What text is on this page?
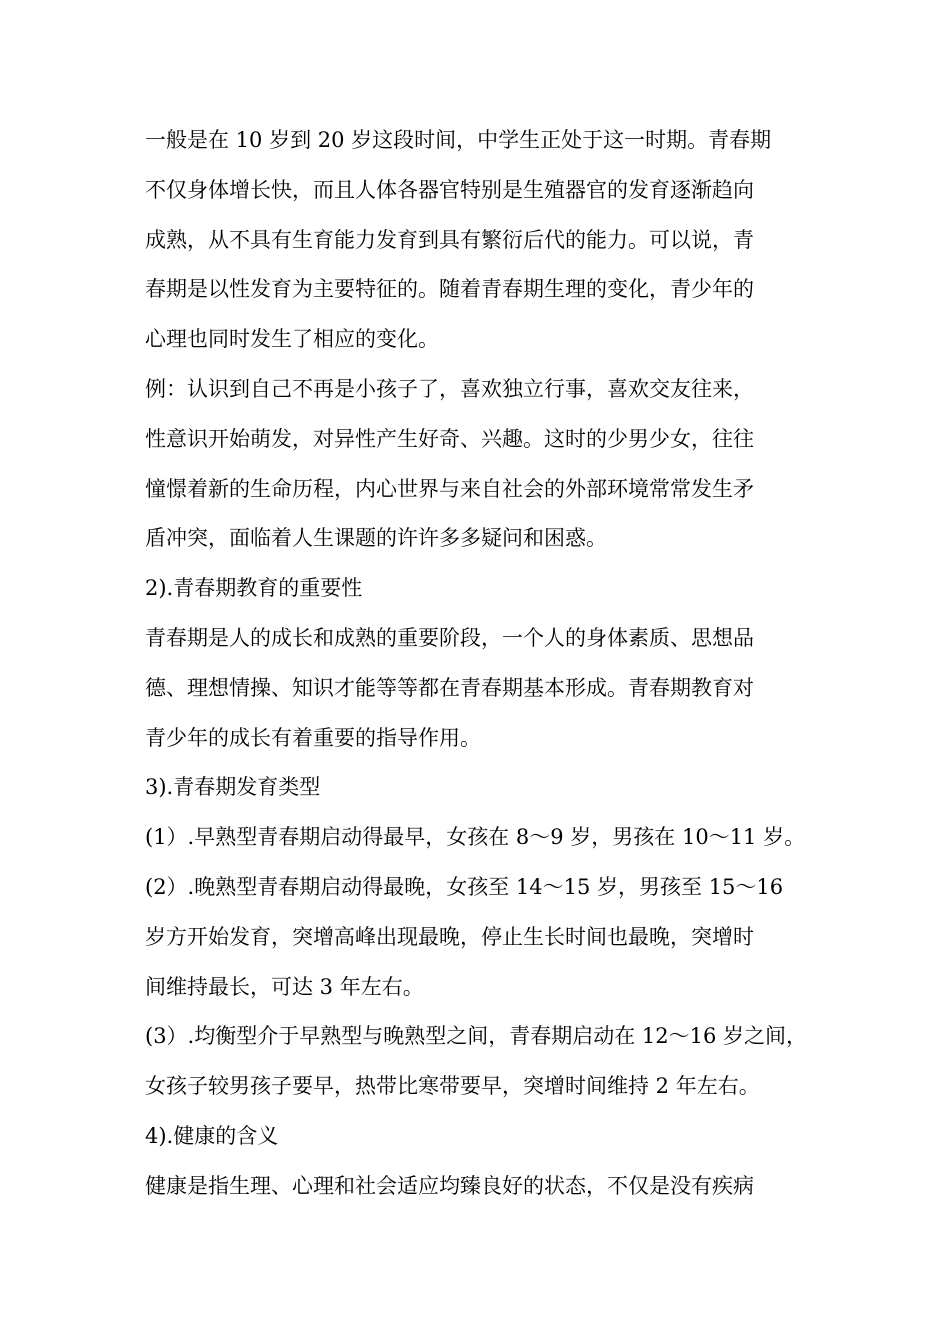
一般是在 10 岁到 20 岁这段时间，中学生正处于这一时期。青春期
不仅身体增长快，而且人体各器官特别是生殖器官的发育逐渐趋向
成熟，从不具有生育能力发育到具有繁衍后代的能力。可以说，青
春期是以性发育为主要特征的。随着青春期生理的变化，青少年的
心理也同时发生了相应的变化。
例：认识到自己不再是小孩子了，喜欢独立行事，喜欢交友往来，
性意识开始萌发，对异性产生好奇、兴趣。这时的少男少女，往往
憧憬着新的生命历程，内心世界与来自社会的外部环境常常发生矛
盾冲突，面临着人生课题的许许多多疑问和困惑。
2).青春期教育的重要性
青春期是人的成长和成熟的重要阶段，一个人的身体素质、思想品
德、理想情操、知识才能等等都在青春期基本形成。青春期教育对
青少年的成长有着重要的指导作用。
3).青春期发育类型
(1）.早熟型青春期启动得最早，女孩在 8～9 岁，男孩在 10～11 岁。
(2）.晚熟型青春期启动得最晚，女孩至 14～15 岁，男孩至 15～16
岁方开始发育，突增高峰出现最晚，停止生长时间也最晚，突增时
间维持最长，可达 3 年左右。
(3）.均衡型介于早熟型与晚熟型之间，青春期启动在 12～16 岁之间，
女孩子较男孩子要早，热带比寒带要早，突增时间维持 2 年左右。
4).健康的含义
健康是指生理、心理和社会适应均臻良好的状态，不仅是没有疾病
